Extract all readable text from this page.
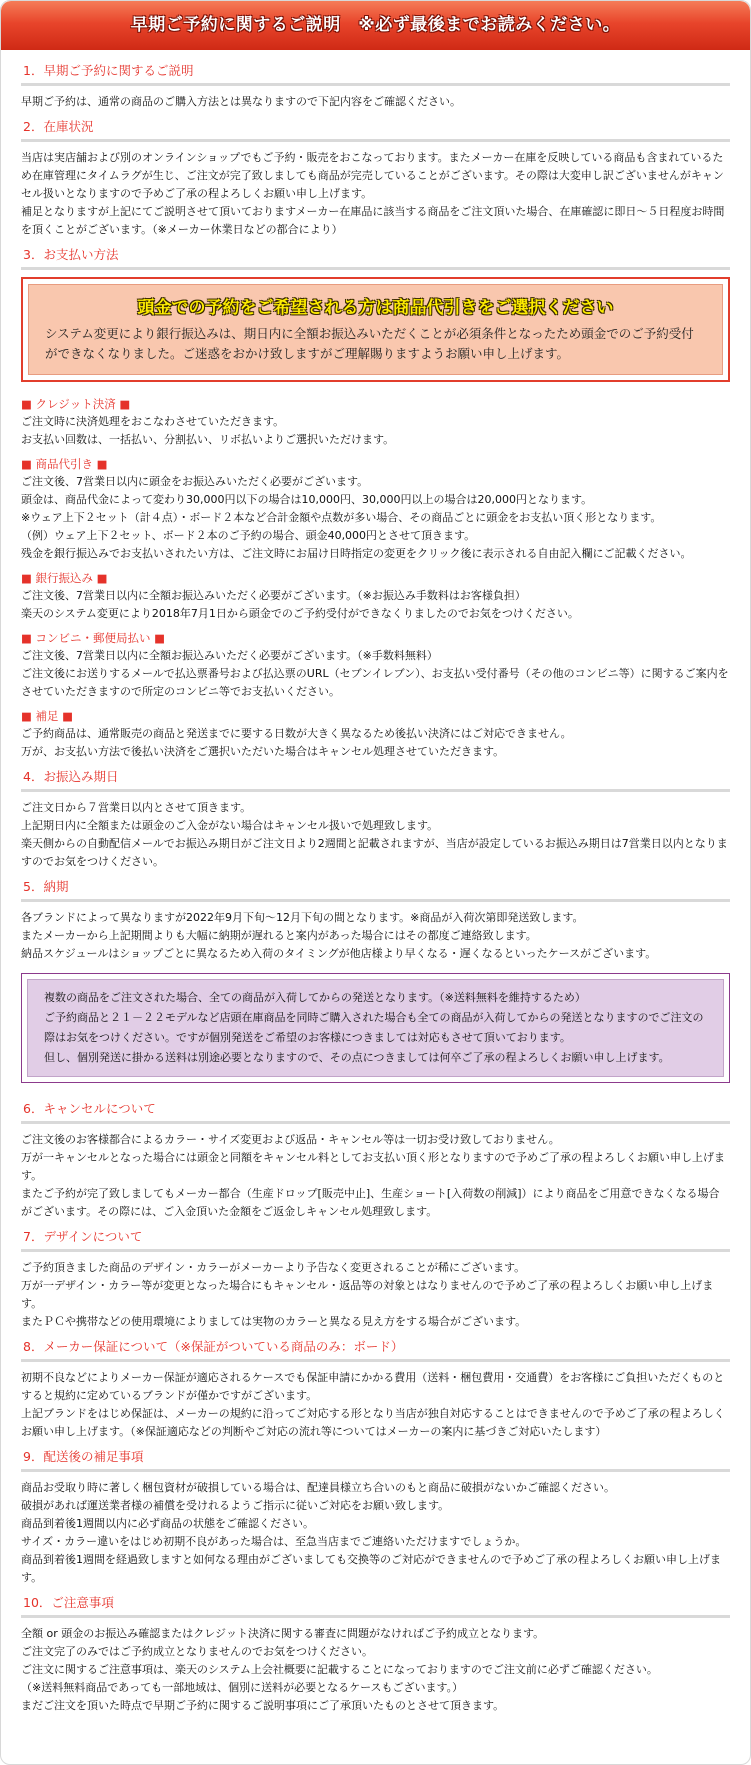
早期ご予約に関するご説明　※必ず最後までお読みください。
1．早期ご予約に関するご説明

早期ご予約は、通常の商品のご購入方法とは異なりますので下記内容をご確認ください。

2．在庫状況

当店は実店舗および別のオンラインショップでもご予約・販売をおこなっております。またメーカー在庫を反映している商品も含まれているため在庫管理にタイムラグが生じ、ご注文が完了致しましても商品が完売していることがございます。その際は大変申し訳ございませんがキャンセル扱いとなりますので予めご了承の程よろしくお願い申し上げます。

補足となりますが上記にてご説明させて頂いておりますメーカー在庫品に該当する商品をご注文頂いた場合、在庫確認に即日〜５日程度お時間を頂くことがございます。（※メーカー休業日などの都合により）

3．お支払い方法
頭金での予約をご希望される方は商品代引きをご選択ください

システム変更により銀行振込みは、期日内に全額お振込みいただくことが必須条件となったため頭金でのご予約受付ができなくなりました。ご迷惑をおかけ致しますがご理解賜りますようお願い申し上げます。

■ クレジット決済 ■

ご注文時に決済処理をおこなわさせていただきます。

お支払い回数は、一括払い、分割払い、リボ払いよりご選択いただけます。

■ 商品代引き ■

ご注文後、7営業日以内に頭金をお振込みいただく必要がございます。

頭金は、商品代金によって変わり30,000円以下の場合は10,000円、30,000円以上の場合は20,000円となります。

※ウェア上下２セット（計４点）・ボード２本など合計金額や点数が多い場合、その商品ごとに頭金をお支払い頂く形となります。

（例）ウェア上下２セット、ボード２本のご予約の場合、頭金40,000円とさせて頂きます。

残金を銀行振込みでお支払いされたい方は、ご注文時にお届け日時指定の変更をクリック後に表示される自由記入欄にご記載ください。

■ 銀行振込み ■

ご注文後、7営業日以内に全額お振込みいただく必要がございます。（※お振込み手数料はお客様負担）

楽天のシステム変更により2018年7月1日から頭金でのご予約受付ができなくりましたのでお気をつけください。

■ コンビニ・郵便局払い ■

ご注文後、7営業日以内に全額お振込みいただく必要がございます。（※手数料無料）

ご注文後にお送りするメールで払込票番号および払込票のURL（セブンイレブン）、お支払い受付番号（その他のコンビニ等）に関するご案内をさせていただきますので所定のコンビニ等でお支払いください。

■ 補足 ■

ご予約商品は、通常販売の商品と発送までに要する日数が大きく異なるため後払い決済にはご対応できません。

万が、お支払い方法で後払い決済をご選択いただいた場合はキャンセル処理させていただきます。

4．お振込み期日

ご注文日から７営業日以内とさせて頂きます。

上記期日内に全額または頭金のご入金がない場合はキャンセル扱いで処理致します。

楽天側からの自動配信メールでお振込み期日がご注文日より2週間と記載されますが、当店が設定しているお振込み期日は7営業日以内となりますのでお気をつけください。

5．納期

各ブランドによって異なりますが2022年9月下旬〜12月下旬の間となります。※商品が入荷次第即発送致します。

またメーカーから上記期間よりも大幅に納期が遅れると案内があった場合にはその都度ご連絡致します。

納品スケジュールはショップごとに異なるため入荷のタイミングが他店様より早くなる・遅くなるといったケースがございます。

複数の商品をご注文された場合、全ての商品が入荷してからの発送となります。（※送料無料を維持するため）

ご予約商品と２１－２２モデルなど店頭在庫商品を同時ご購入された場合も全ての商品が入荷してからの発送となりますのでご注文の際はお気をつけください。ですが個別発送をご希望のお客様につきましては対応もさせて頂いております。

但し、個別発送に掛かる送料は別途必要となりますので、その点につきましては何卒ご了承の程よろしくお願い申し上げます。

6．キャンセルについて

ご注文後のお客様都合によるカラー・サイズ変更および返品・キャンセル等は一切お受け致しておりません。

万が一キャンセルとなった場合には頭金と同額をキャンセル料としてお支払い頂く形となりますので予めご了承の程よろしくお願い申し上げます。

またご予約が完了致しましてもメーカー都合（生産ドロップ[販売中止]、生産ショート[入荷数の削減]）により商品をご用意できなくなる場合がございます。その際には、ご入金頂いた金額をご返金しキャンセル処理致します。

7．デザインについて

ご予約頂きました商品のデザイン・カラーがメーカーより予告なく変更されることが稀にございます。

万が一デザイン・カラー等が変更となった場合にもキャンセル・返品等の対象とはなりませんので予めご了承の程よろしくお願い申し上げます。

またＰＣや携帯などの使用環境によりましては実物のカラーと異なる見え方をする場合がございます。

8．メーカー保証について（※保証がついている商品のみ：ボード）

初期不良などによりメーカー保証が適応されるケースでも保証申請にかかる費用（送料・梱包費用・交通費）をお客様にご負担いただくものとすると規約に定めているブランドが僅かですがございます。

上記ブランドをはじめ保証は、メーカーの規約に沿ってご対応する形となり当店が独自対応することはできませんので予めご了承の程よろしくお願い申し上げます。（※保証適応などの判断やご対応の流れ等についてはメーカーの案内に基づきご対応いたします）

9．配送後の補足事項

商品お受取り時に著しく梱包資材が破損している場合は、配達員様立ち合いのもと商品に破損がないかご確認ください。

破損があれば運送業者様の補償を受けれるようご指示に従いご対応をお願い致します。

商品到着後1週間以内に必ず商品の状態をご確認ください。

サイズ・カラー違いをはじめ初期不良があった場合は、至急当店までご連絡いただけますでしょうか。

商品到着後1週間を経過致しますと如何なる理由がございましても交換等のご対応ができませんので予めご了承の程よろしくお願い申し上げます。

10．ご注意事項

全額 or 頭金のお振込み確認またはクレジット決済に関する審査に問題がなければご予約成立となります。

ご注文完了のみではご予約成立となりませんのでお気をつけください。

ご注文に関するご注意事項は、楽天のシステム上会社概要に記載することになっておりますのでご注文前に必ずご確認ください。

（※送料無料商品であっても一部地域は、個別に送料が必要となるケースもございます。）

まだご注文を頂いた時点で早期ご予約に関するご説明事項にご了承頂いたものとさせて頂きます。
